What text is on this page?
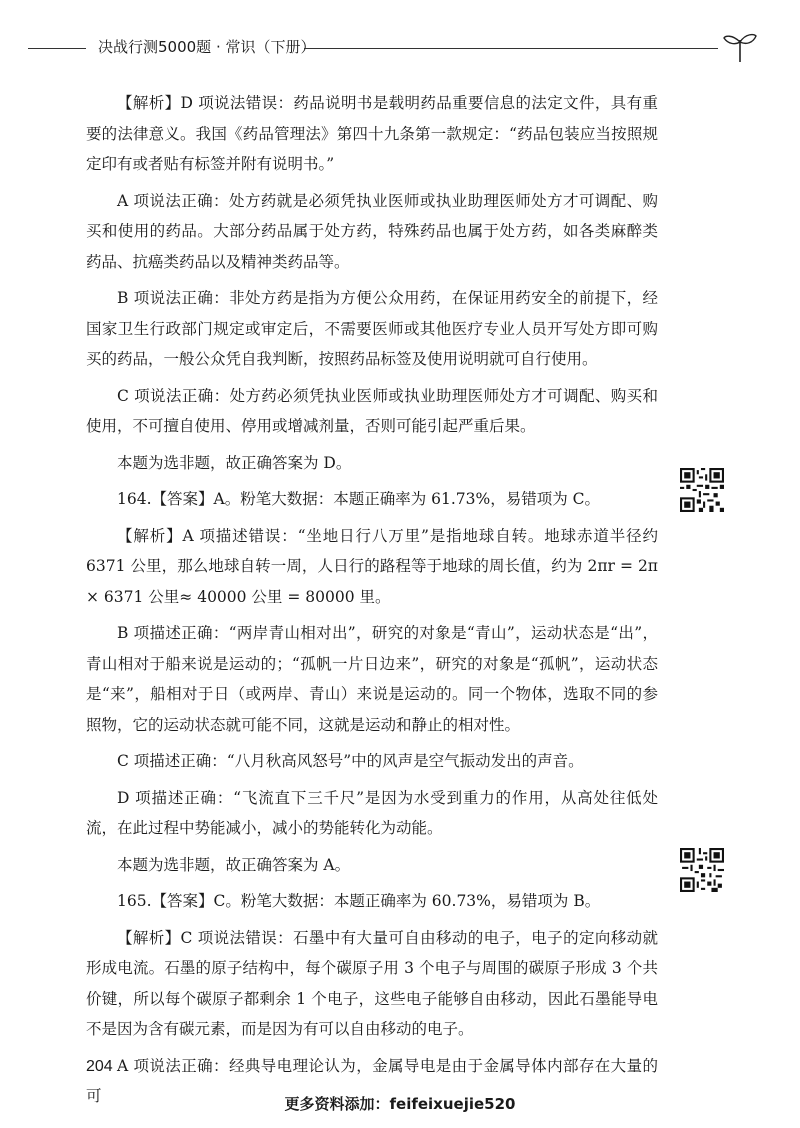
决战行测5000题 · 常识（下册）

【解析】D 项说法错误：药品说明书是载明药品重要信息的法定文件，具有重要的法律意义。我国《药品管理法》第四十九条第一款规定：“药品包装应当按照规定印有或者贴有标签并附有说明书。”

A 项说法正确：处方药就是必须凭执业医师或执业助理医师处方才可调配、购买和使用的药品。大部分药品属于处方药，特殊药品也属于处方药，如各类麻醉类药品、抗癌类药品以及精神类药品等。

B 项说法正确：非处方药是指为方便公众用药，在保证用药安全的前提下，经国家卫生行政部门规定或审定后，不需要医师或其他医疗专业人员开写处方即可购买的药品，一般公众凭自我判断，按照药品标签及使用说明就可自行使用。

C 项说法正确：处方药必须凭执业医师或执业助理医师处方才可调配、购买和使用，不可擅自使用、停用或增减剂量，否则可能引起严重后果。

本题为选非题，故正确答案为 D。

164.【答案】A。粉笔大数据：本题正确率为 61.73%，易错项为 C。

【解析】A 项描述错误：“坐地日行八万里”是指地球自转。地球赤道半径约 6371 公里，那么地球自转一周，人日行的路程等于地球的周长值，约为 2πr = 2π × 6371 公里≈ 40000 公里 = 80000 里。

B 项描述正确：“两岸青山相对出”，研究的对象是“青山”，运动状态是“出”，青山相对于船来说是运动的；“孤帆一片日边来”，研究的对象是“孤帆”，运动状态是“来”，船相对于日（或两岸、青山）来说是运动的。同一个物体，选取不同的参照物，它的运动状态就可能不同，这就是运动和静止的相对性。

C 项描述正确：“八月秋高风怒号”中的风声是空气振动发出的声音。

D 项描述正确：“飞流直下三千尺”是因为水受到重力的作用，从高处往低处流，在此过程中势能减小，减小的势能转化为动能。

本题为选非题，故正确答案为 A。

165.【答案】C。粉笔大数据：本题正确率为 60.73%，易错项为 B。

【解析】C 项说法错误：石墨中有大量可自由移动的电子，电子的定向移动就形成电流。石墨的原子结构中，每个碳原子用 3 个电子与周围的碳原子形成 3 个共价键，所以每个碳原子都剩余 1 个电子，这些电子能够自由移动，因此石墨能导电不是因为含有碳元素，而是因为有可以自由移动的电子。

A 项说法正确：经典导电理论认为，金属导电是由于金属导体内部存在大量的可

204
更多资料添加：feifeixuejie520
